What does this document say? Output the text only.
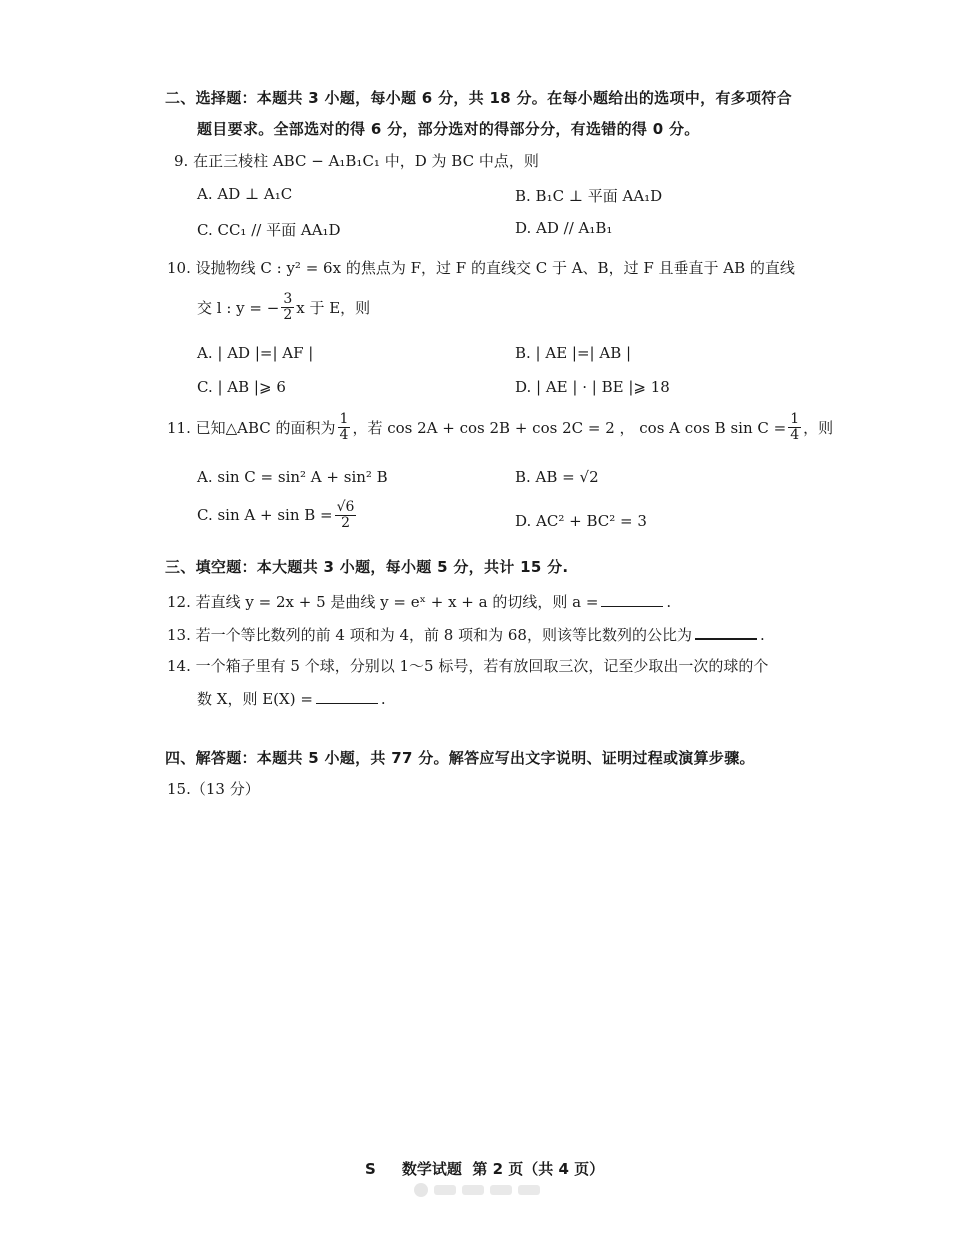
二、选择题：本题共 3 小题，每小题 6 分，共 18 分。在每小题给出的选项中，有多项符合
题目要求。全部选对的得 6 分，部分选对的得部分分，有选错的得 0 分。
9. 在正三棱柱 ABC − A₁B₁C₁ 中，D 为 BC 中点，则
A. AD ⊥ A₁C	B. B₁C ⊥ 平面 AA₁D
C. CC₁ // 平面 AA₁D	D. AD // A₁B₁
10. 设抛物线 C : y² = 6x 的焦点为 F，过 F 的直线交 C 于 A、B，过 F 且垂直于 AB 的直线
交 l : y = − $\frac{3}{2}$ x 于 E，则
A. | AD |=| AF |	B. | AE |=| AB |
C. | AB |⩾ 6	D. | AE | · | BE |⩾ 18
11. 已知△ABC 的面积为 $\frac{1}{4}$ ，若 cos 2A + cos 2B + cos 2C = 2 ， cos A cos B $\sin C = \frac{1}{4}$ ，则
A. sin C = sin² A + sin² B	B. AB = √2
C. $\sin A + \sin B = \frac{√6}{2}$	D. AC² + BC² = 3
三、填空题：本大题共 3 小题，每小题 5 分，共计 15 分.
12. 若直线 y = 2x + 5 是曲线 y = eˣ + x + a 的切线，则 a =	.
13. 若一个等比数列的前 4 项和为 4，前 8 项和为 68，则该等比数列的公比为	.
14. 一个箱子里有 5 个球，分别以 1～5 标号，若有放回取三次，记至少取出一次的球的个
数 X，则 E(X) =	.
四、解答题：本题共 5 小题，共 77 分。解答应写出文字说明、证明过程或演算步骤。
15.（13 分）
S     数学试题  第 2 页（共 4 页）
